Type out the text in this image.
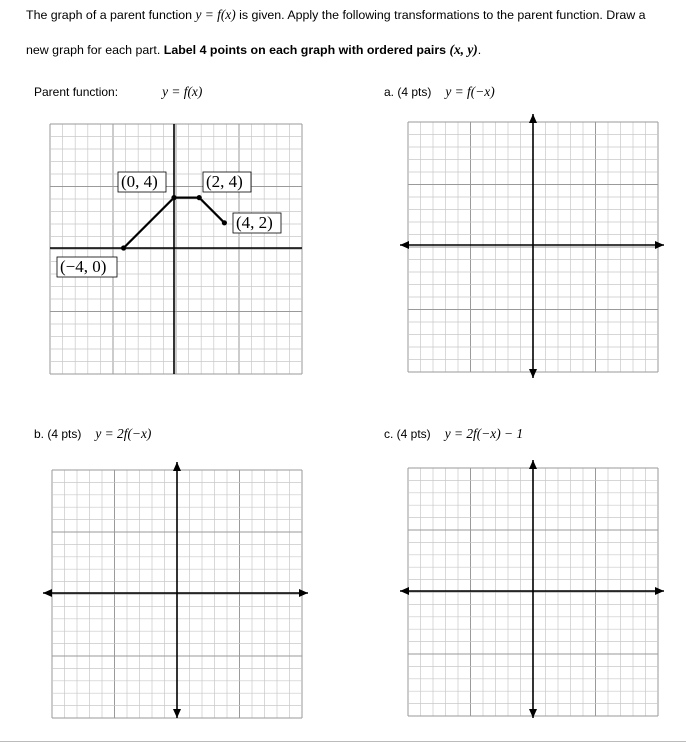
The graph of a parent function y = f(x) is given. Apply the following transformations to the parent function. Draw a
new graph for each part. Label 4 points on each graph with ordered pairs (x, y).
Parent function:	y = f(x)	a. (4 pts) y = f(−x)
b. (4 pts) y = 2f(−x)	c. (4 pts) y = 2f(−x) − 1
(−4, 0)
(0, 4)	(2, 4)
(4, 2)
